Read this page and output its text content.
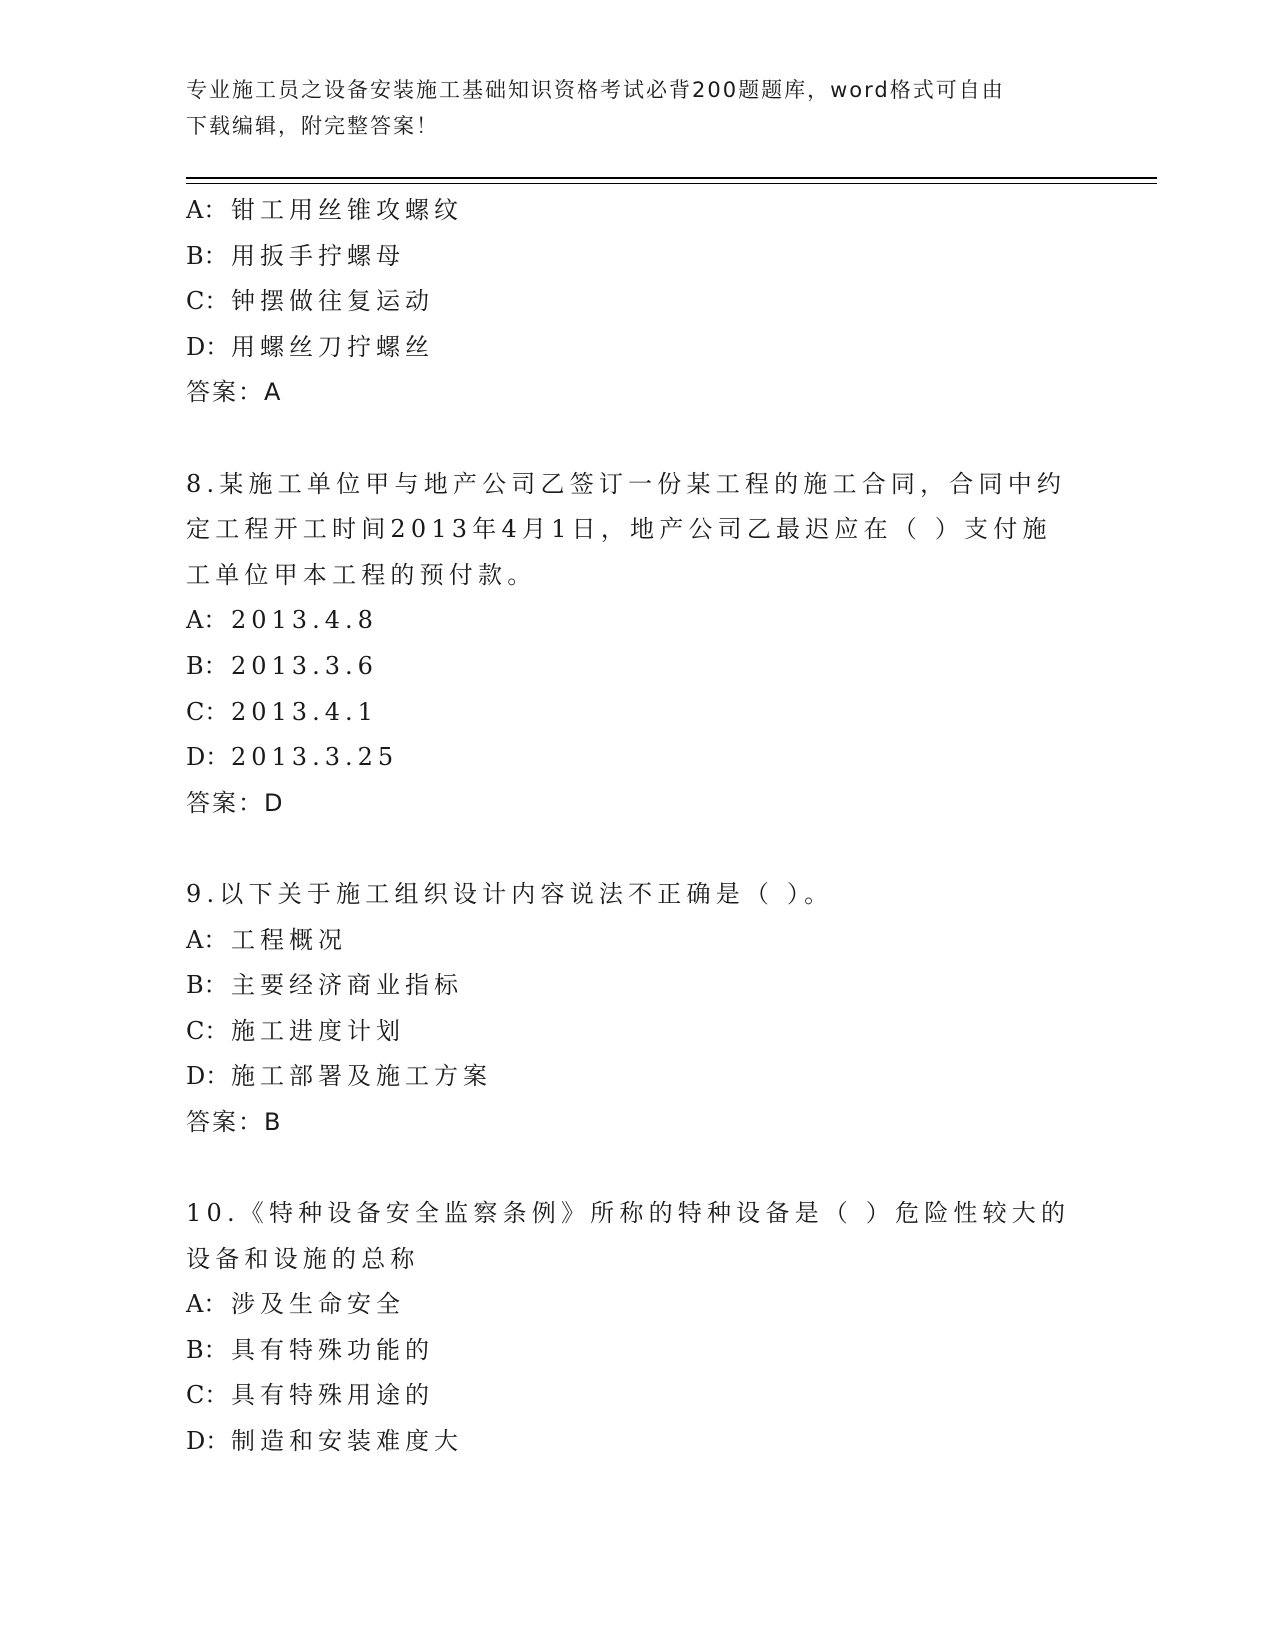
专业施工员之设备安装施工基础知识资格考试必背200题题库，word格式可自由
下载编辑，附完整答案！
A： 钳工用丝锥攻螺纹
B： 用扳手拧螺母
C： 钟摆做往复运动
D：用螺丝刀拧螺丝
答案：A
8.某施工单位甲与地产公司乙签订一份某工程的施工合同，合同中约
定工程开工时间2013年4月1日，地产公司乙最迟应在（ ）支付施
工单位甲本工程的预付款。
A： 2013.4.8
B： 2013.3.6
C： 2013.4.1
D：2013.3.25
答案：D
9.以下关于施工组织设计内容说法不正确是（ ）。
A： 工程概况
B： 主要经济商业指标
C： 施工进度计划
D：施工部署及施工方案
答案：B
10.《特种设备安全监察条例》所称的特种设备是（ ）危险性较大的
设备和设施的总称
A： 涉及生命安全
B： 具有特殊功能的
C： 具有特殊用途的
D：制造和安装难度大
